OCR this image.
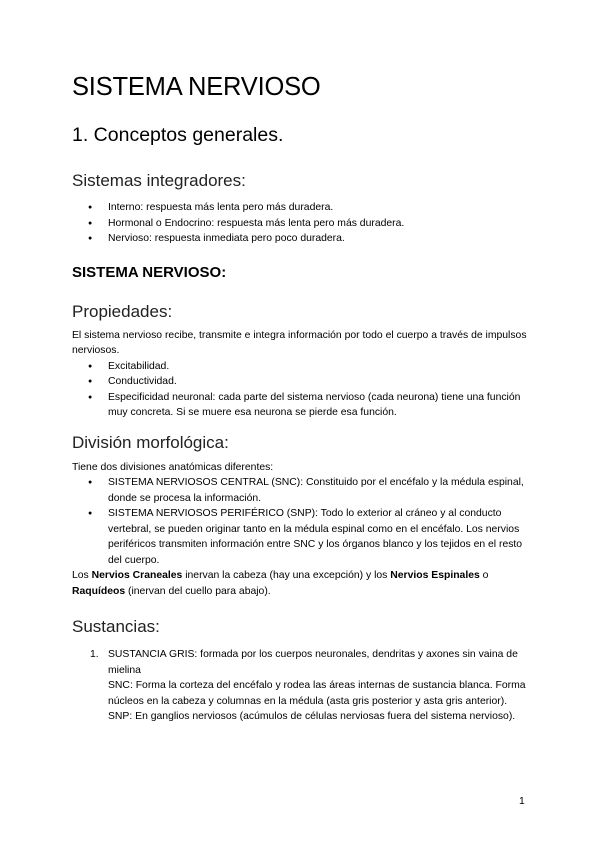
SISTEMA NERVIOSO
1. Conceptos generales.
Sistemas integradores:
● Interno: respuesta más lenta pero más duradera.
● Hormonal o Endocrino: respuesta más lenta pero más duradera.
● Nervioso: respuesta inmediata pero poco duradera.
SISTEMA NERVIOSO:
Propiedades:

El sistema nervioso recibe, transmite e integra información por todo el cuerpo a través de impulsos nerviosos.

● Excitabilidad.
● Conductividad.
● Especificidad neuronal: cada parte del sistema nervioso (cada neurona) tiene una función muy concreta. Si se muere esa neurona se pierde esa función.
División morfológica:

Tiene dos divisiones anatómicas diferentes:

● SISTEMA NERVIOSOS CENTRAL (SNC): Constituido por el encéfalo y la médula espinal, donde se procesa la información.
● SISTEMA NERVIOSOS PERIFÉRICO (SNP): Todo lo exterior al cráneo y al conducto vertebral, se pueden originar tanto en la médula espinal como en el encéfalo. Los nervios periféricos transmiten información entre SNC y los órganos blanco y los tejidos en el resto del cuerpo.

Los Nervios Craneales inervan la cabeza (hay una excepción) y los Nervios Espinales o Raquídeos (inervan del cuello para abajo).

Sustancias:
1. SUSTANCIA GRIS: formada por los cuerpos neuronales, dendritas y axones sin vaina de mielina
SNC: Forma la corteza del encéfalo y rodea las áreas internas de sustancia blanca. Forma núcleos en la cabeza y columnas en la médula (asta gris posterior y asta gris anterior).
SNP: En ganglios nerviosos (acúmulos de células nerviosas fuera del sistema nervioso).
1
